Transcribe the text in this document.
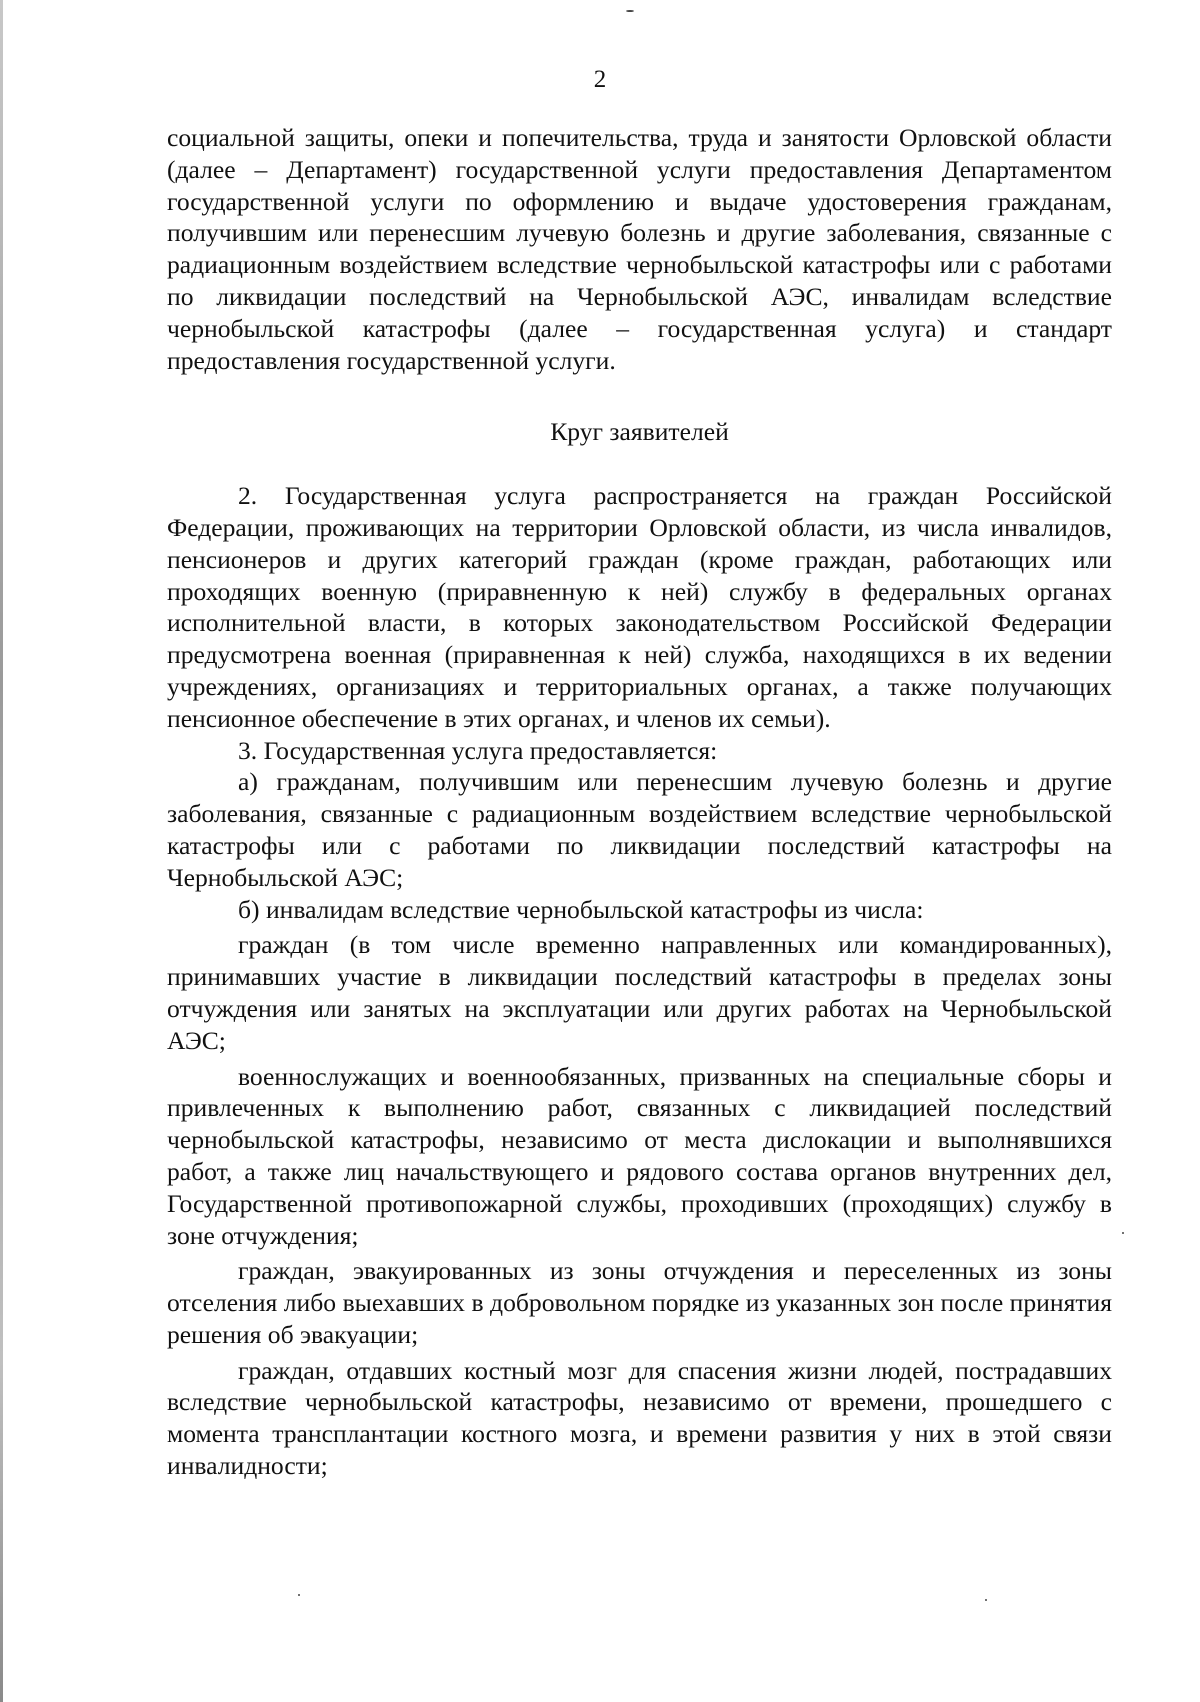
2

социальной защиты, опеки и попечительства, труда и занятости Орловской области (далее – Департамент) государственной услуги предоставления Департаментом государственной услуги по оформлению и выдаче удостоверения гражданам, получившим или перенесшим лучевую болезнь и другие заболевания, связанные с радиационным воздействием вследствие чернобыльской катастрофы или с работами по ликвидации последствий на Чернобыльской АЭС, инвалидам вследствие чернобыльской катастрофы (далее – государственная услуга) и стандарт предоставления государственной услуги.

Круг заявителей

2. Государственная услуга распространяется на граждан Российской Федерации, проживающих на территории Орловской области, из числа инвалидов, пенсионеров и других категорий граждан (кроме граждан, работающих или проходящих военную (приравненную к ней) службу в федеральных органах исполнительной власти, в которых законодательством Российской Федерации предусмотрена военная (приравненная к ней) служба, находящихся в их ведении учреждениях, организациях и территориальных органах, а также получающих пенсионное обеспечение в этих органах, и членов их семьи).

3. Государственная услуга предоставляется:

а) гражданам, получившим или перенесшим лучевую болезнь и другие заболевания, связанные с радиационным воздействием вследствие чернобыльской катастрофы или с работами по ликвидации последствий катастрофы на Чернобыльской АЭС;

б) инвалидам вследствие чернобыльской катастрофы из числа:

граждан (в том числе временно направленных или командированных), принимавших участие в ликвидации последствий катастрофы в пределах зоны отчуждения или занятых на эксплуатации или других работах на Чернобыльской АЭС;

военнослужащих и военнообязанных, призванных на специальные сборы и привлеченных к выполнению работ, связанных с ликвидацией последствий чернобыльской катастрофы, независимо от места дислокации и выполнявшихся работ, а также лиц начальствующего и рядового состава органов внутренних дел, Государственной противопожарной службы, проходивших (проходящих) службу в зоне отчуждения;

граждан, эвакуированных из зоны отчуждения и переселенных из зоны отселения либо выехавших в добровольном порядке из указанных зон после принятия решения об эвакуации;

граждан, отдавших костный мозг для спасения жизни людей, пострадавших вследствие чернобыльской катастрофы, независимо от времени, прошедшего с момента трансплантации костного мозга, и времени развития у них в этой связи инвалидности;
